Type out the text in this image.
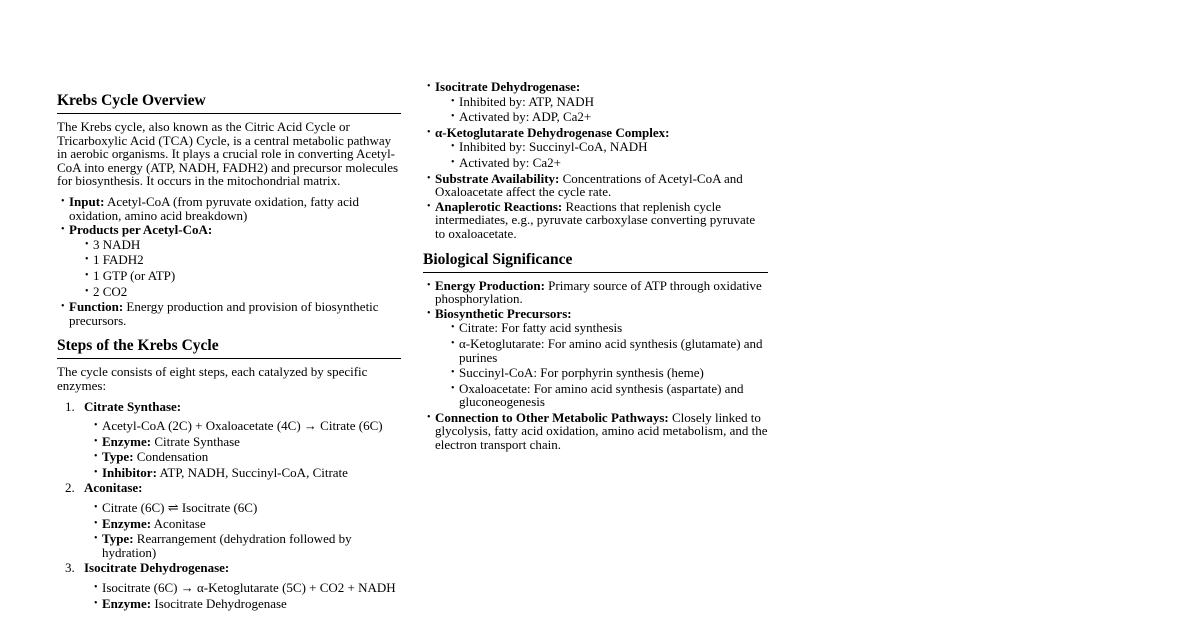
Krebs Cycle Overview

The Krebs cycle, also known as the Citric Acid Cycle or Tricarboxylic Acid (TCA) Cycle, is a central metabolic pathway in aerobic organisms. It plays a crucial role in converting Acetyl-CoA into energy (ATP, NADH, FADH2) and precursor molecules for biosynthesis. It occurs in the mitochondrial matrix.

• Input: Acetyl-CoA (from pyruvate oxidation, fatty acid oxidation, amino acid breakdown)
• Products per Acetyl-CoA:
• 3 NADH
• 1 FADH2
• 1 GTP (or ATP)
• 2 CO2
• Function: Energy production and provision of biosynthetic precursors.
Steps of the Krebs Cycle

The cycle consists of eight steps, each catalyzed by specific enzymes:

1. Citrate Synthase:
• Acetyl-CoA (2C) + Oxaloacetate (4C) → Citrate (6C)
• Enzyme: Citrate Synthase
• Type: Condensation
• Inhibitor: ATP, NADH, Succinyl-CoA, Citrate
2. Aconitase:
• Citrate (6C) ⇌ Isocitrate (6C)
• Enzyme: Aconitase
• Type: Rearrangement (dehydration followed by hydration)
3. Isocitrate Dehydrogenase:
• Isocitrate (6C) → α-Ketoglutarate (5C) + CO2 + NADH
• Enzyme: Isocitrate Dehydrogenase
• Isocitrate Dehydrogenase:
• Inhibited by: ATP, NADH
• Activated by: ADP, Ca2+
• α-Ketoglutarate Dehydrogenase Complex:
• Inhibited by: Succinyl-CoA, NADH
• Activated by: Ca2+
• Substrate Availability: Concentrations of Acetyl-CoA and Oxaloacetate affect the cycle rate.
• Anaplerotic Reactions: Reactions that replenish cycle intermediates, e.g., pyruvate carboxylase converting pyruvate to oxaloacetate.
Biological Significance
• Energy Production: Primary source of ATP through oxidative phosphorylation.
• Biosynthetic Precursors:
• Citrate: For fatty acid synthesis
• α-Ketoglutarate: For amino acid synthesis (glutamate) and purines
• Succinyl-CoA: For porphyrin synthesis (heme)
• Oxaloacetate: For amino acid synthesis (aspartate) and gluconeogenesis
• Connection to Other Metabolic Pathways: Closely linked to glycolysis, fatty acid oxidation, amino acid metabolism, and the electron transport chain.
